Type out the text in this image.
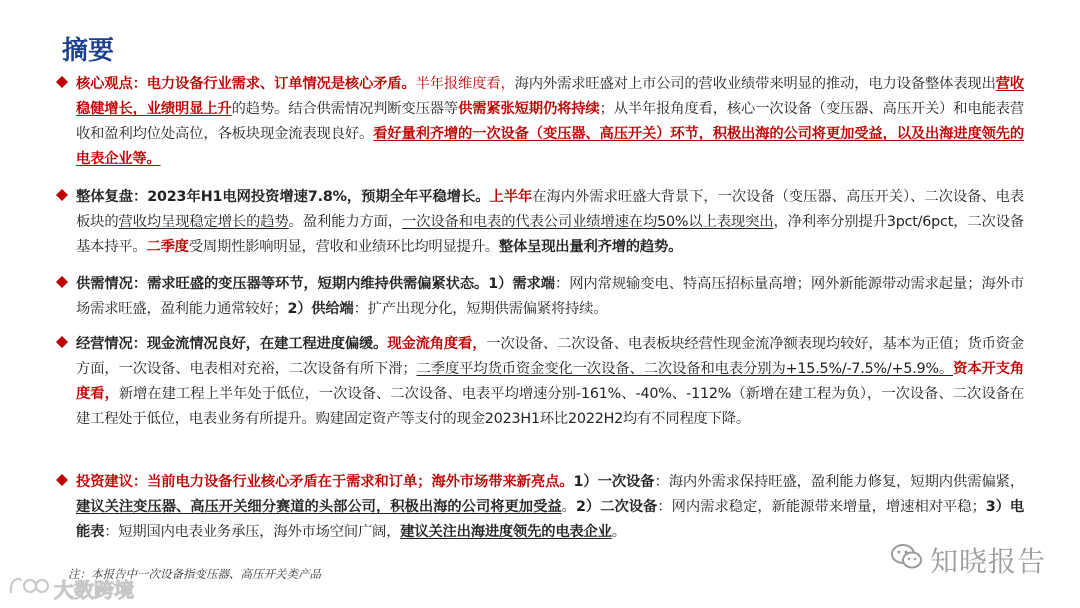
摘要
核心观点：电力设备行业需求、订单情况是核心矛盾。半年报维度看，海内外需求旺盛对上市公司的营收业绩带来明显的推动，电力设备整体表现出营收稳健增长，业绩明显上升的趋势。结合供需情况判断变压器等供需紧张短期仍将持续；从半年报角度看，核心一次设备（变压器、高压开关）和电能表营收和盈利均位处高位，各板块现金流表现良好。看好量利齐增的一次设备（变压器、高压开关）环节，积极出海的公司将更加受益，以及出海进度领先的电表企业等。
整体复盘：2023年H1电网投资增速7.8%，预期全年平稳增长。上半年在海内外需求旺盛大背景下，一次设备（变压器、高压开关）、二次设备、电表板块的营收均呈现稳定增长的趋势。盈利能力方面，一次设备和电表的代表公司业绩增速在均50%以上表现突出，净利率分别提升3pct/6pct，二次设备基本持平。二季度受周期性影响明显，营收和业绩环比均明显提升。整体呈现出量利齐增的趋势。
供需情况：需求旺盛的变压器等环节，短期内维持供需偏紧状态。1）需求端：网内常规输变电、特高压招标量高增；网外新能源带动需求起量；海外市场需求旺盛，盈利能力通常较好；2）供给端：扩产出现分化，短期供需偏紧将持续。
经营情况：现金流情况良好，在建工程进度偏缓。现金流角度看，一次设备、二次设备、电表板块经营性现金流净额表现均较好，基本为正值；货币资金方面，一次设备、电表相对充裕，二次设备有所下滑；二季度平均货币资金变化一次设备、二次设备和电表分别为+15.5%/-7.5%/+5.9%。资本开支角度看，新增在建工程上半年处于低位，一次设备、二次设备、电表平均增速分别-161%、-40%、-112%（新增在建工程为负），一次设备、二次设备在建工程处于低位，电表业务有所提升。购建固定资产等支付的现金2023H1环比2022H2均有不同程度下降。
投资建议：当前电力设备行业核心矛盾在于需求和订单；海外市场带来新亮点。1）一次设备：海内外需求保持旺盛，盈利能力修复，短期内供需偏紧，建议关注变压器、高压开关细分赛道的头部公司，积极出海的公司将更加受益。2）二次设备：网内需求稳定，新能源带来增量，增速相对平稳；3）电能表：短期国内电表业务承压，海外市场空间广阔，建议关注出海进度领先的电表企业。
注：本报告中一次设备指变压器、高压开关类产品	知晓报告
大数跨境
